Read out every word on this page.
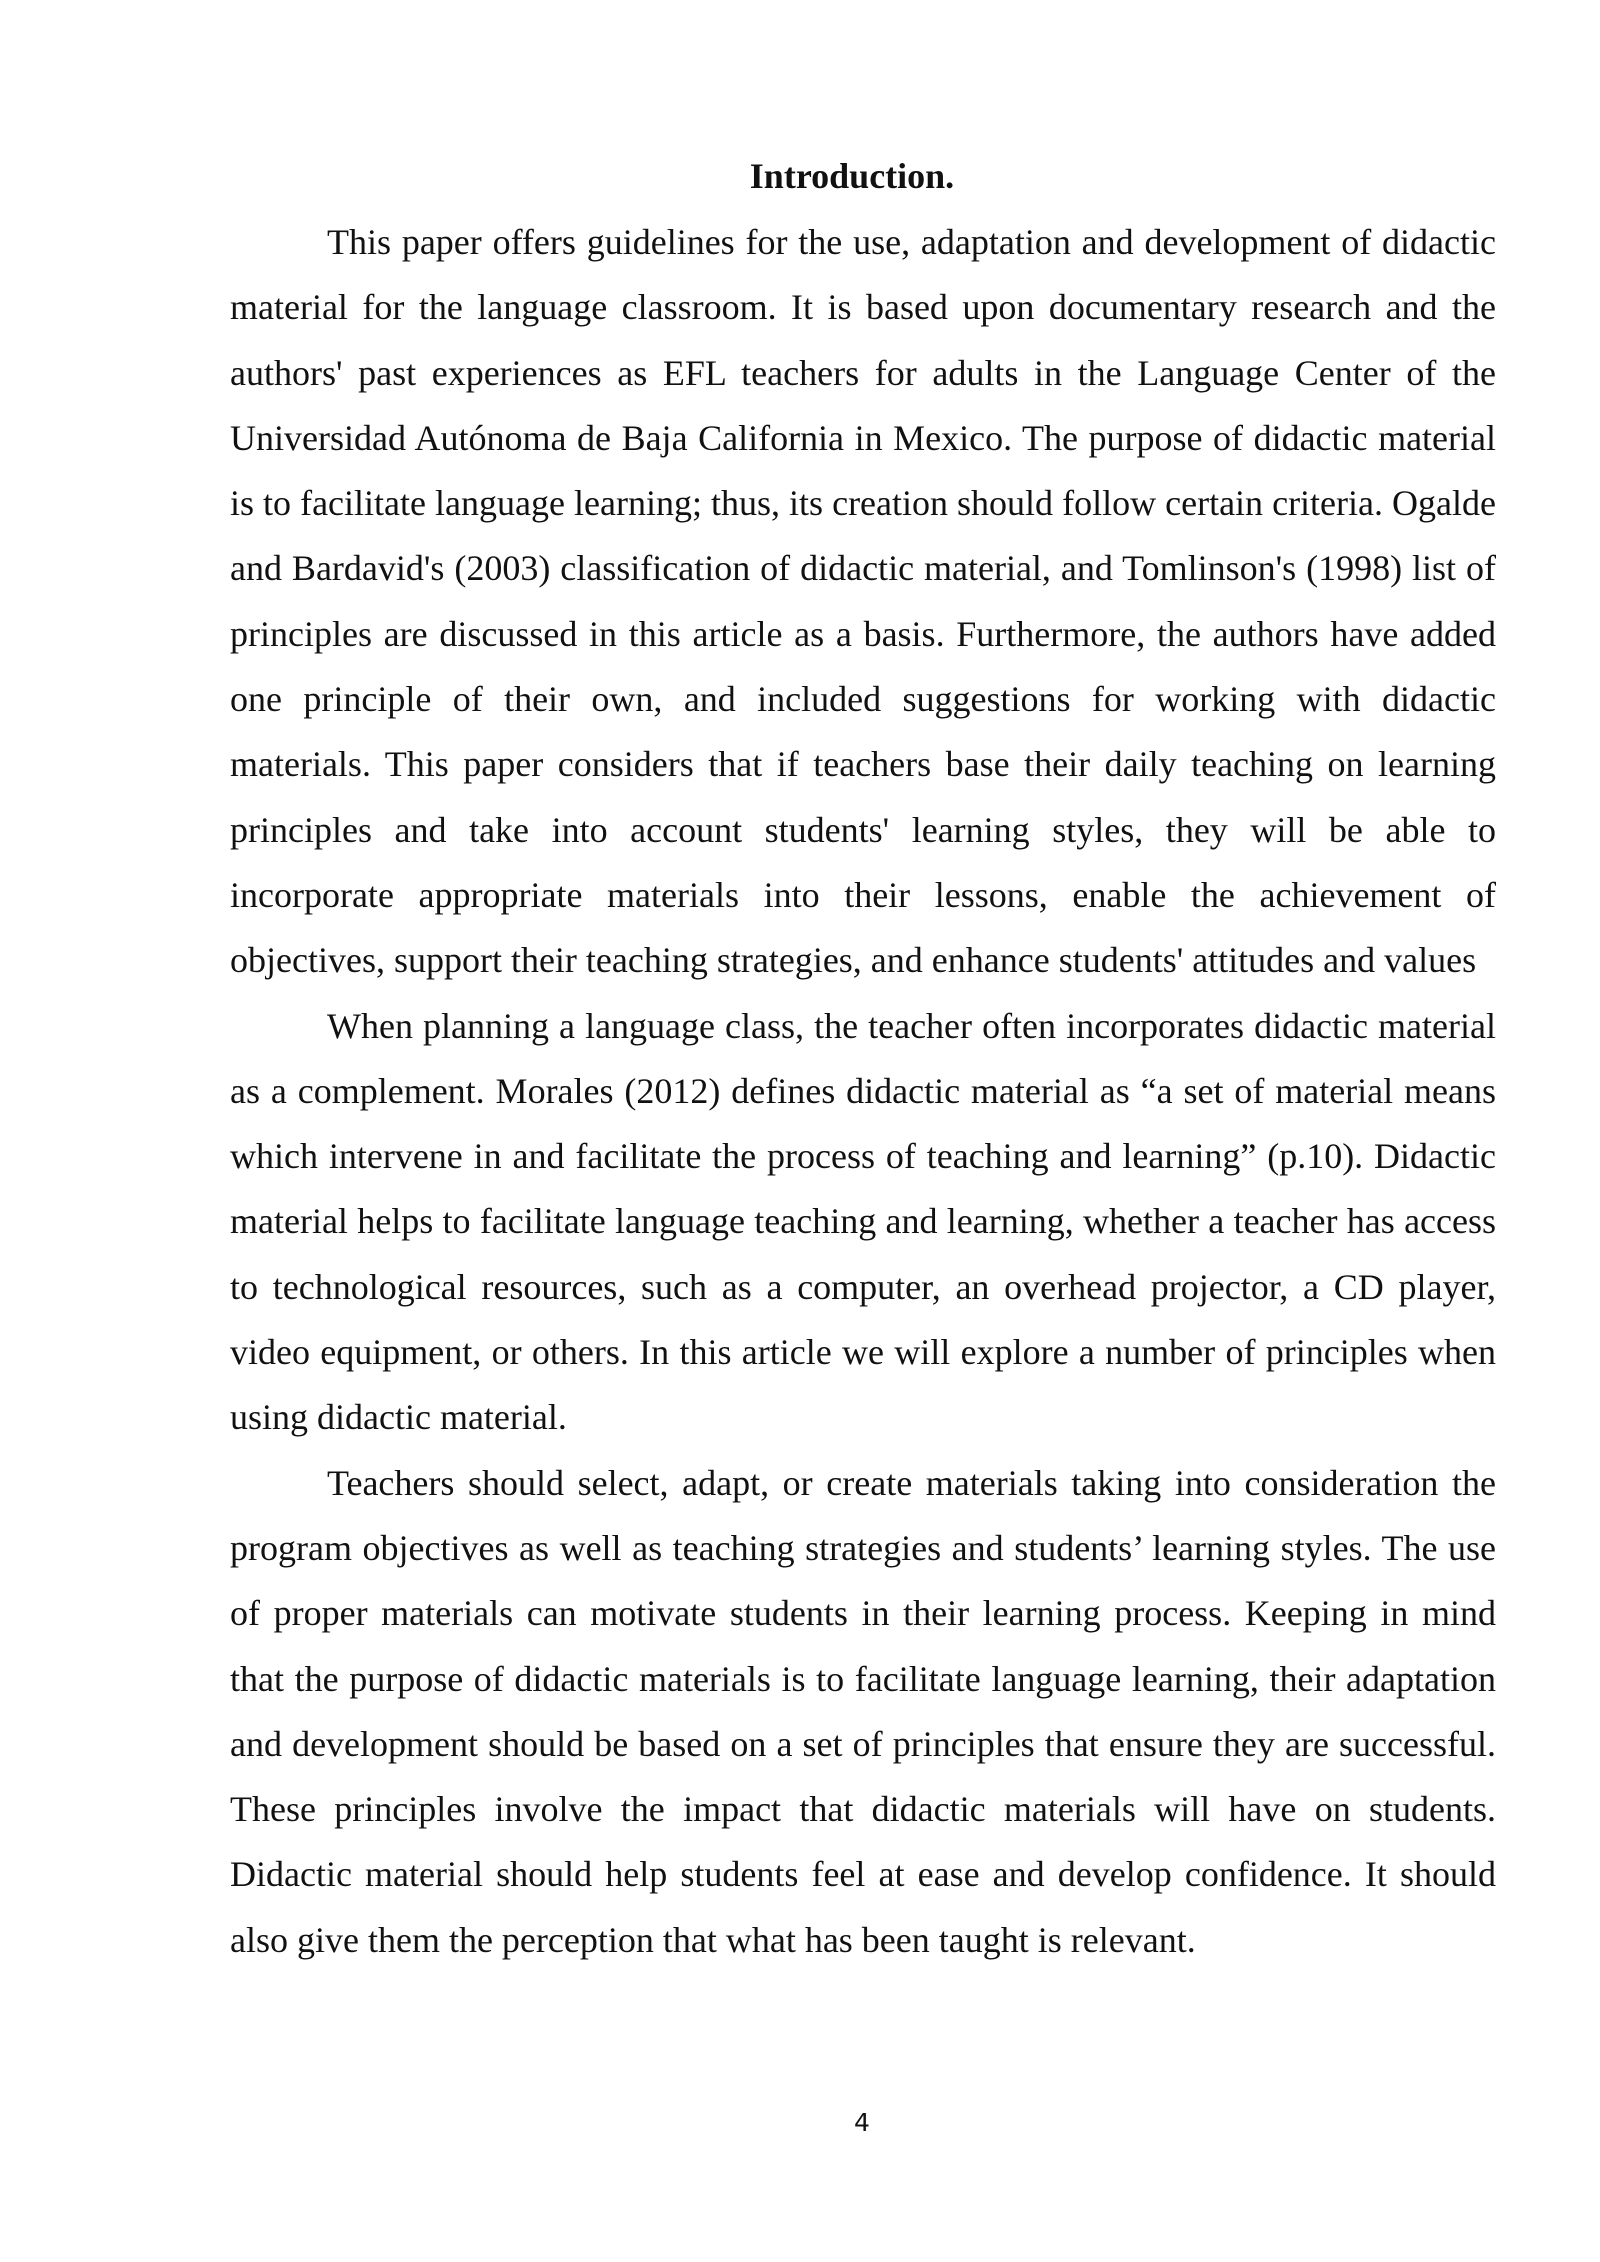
Introduction.

This paper offers guidelines for the use, adaptation and development of didactic material for the language classroom. It is based upon documentary research and the authors' past experiences as EFL teachers for adults in the Language Center of the Universidad Autónoma de Baja California in Mexico. The purpose of didactic material is to facilitate language learning; thus, its creation should follow certain criteria. Ogalde and Bardavid's (2003) classification of didactic material, and Tomlinson's (1998) list of principles are discussed in this article as a basis. Furthermore, the authors have added one principle of their own, and included suggestions for working with didactic materials. This paper considers that if teachers base their daily teaching on learning principles and take into account students' learning styles, they will be able to incorporate appropriate materials into their lessons, enable the achievement of objectives, support their teaching strategies, and enhance students' attitudes and values

When planning a language class, the teacher often incorporates didactic material as a complement. Morales (2012) defines didactic material as “a set of material means which intervene in and facilitate the process of teaching and learning” (p.10). Didactic material helps to facilitate language teaching and learning, whether a teacher has access to technological resources, such as a computer, an overhead projector, a CD player, video equipment, or others. In this article we will explore a number of principles when using didactic material.

Teachers should select, adapt, or create materials taking into consideration the program objectives as well as teaching strategies and students’ learning styles. The use of proper materials can motivate students in their learning process. Keeping in mind that the purpose of didactic materials is to facilitate language learning, their adaptation and development should be based on a set of principles that ensure they are successful. These principles involve the impact that didactic materials will have on students. Didactic material should help students feel at ease and develop confidence. It should also give them the perception that what has been taught is relevant.

4
